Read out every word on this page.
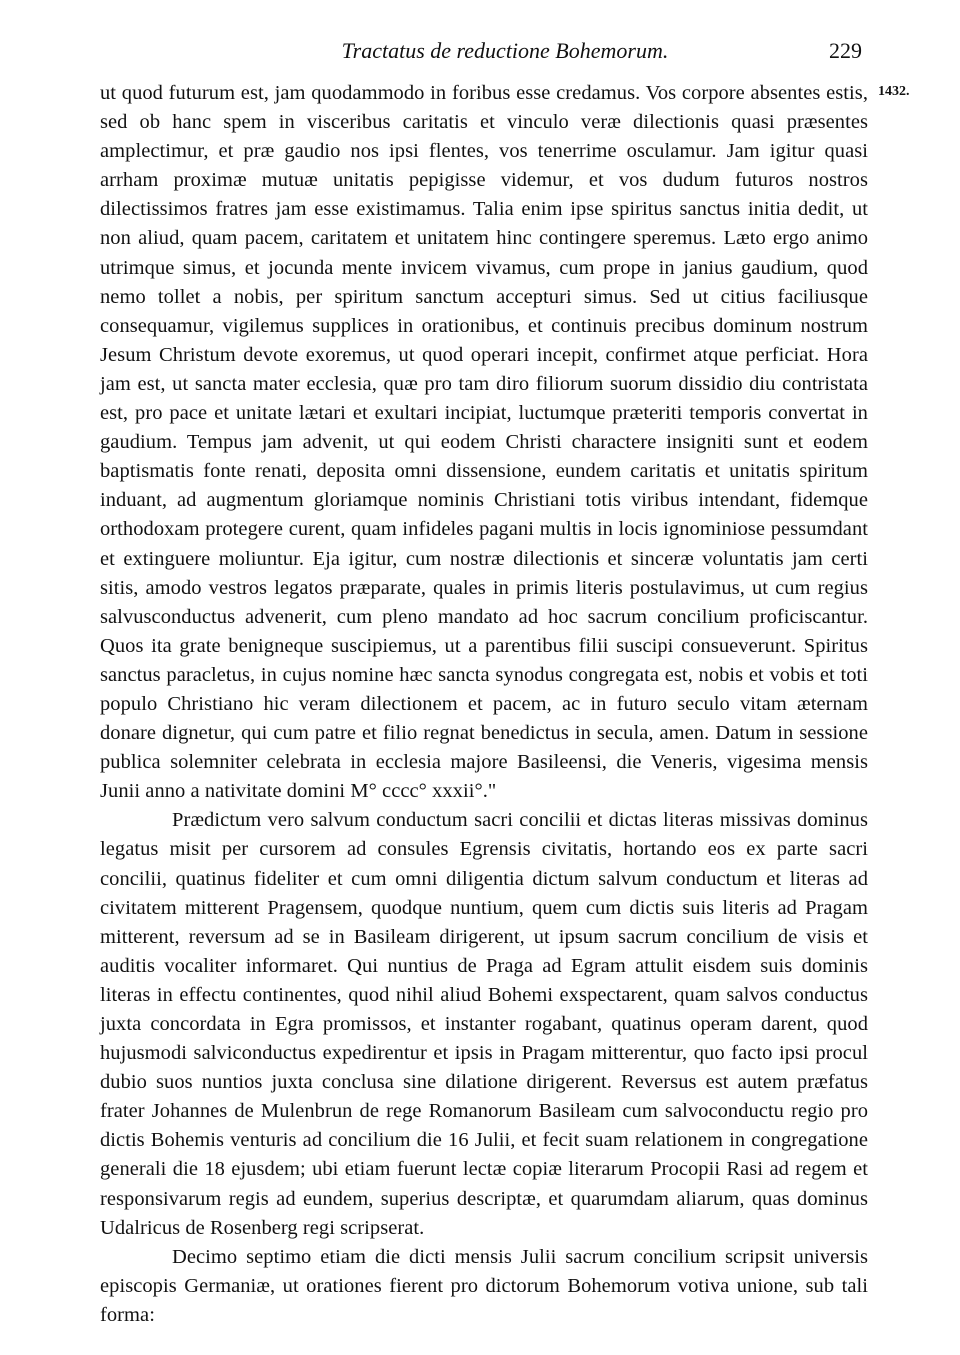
Tractatus de reductione Bohemorum.	229
1432.

ut quod futurum est, jam quodammodo in foribus esse credamus. Vos corpore absentes estis, sed ob hanc spem in visceribus caritatis et vinculo veræ dilectionis quasi præsentes amplectimur, et præ gaudio nos ipsi flentes, vos tenerrime osculamur. Jam igitur quasi arrham proximæ mutuæ unitatis pepigisse videmur, et vos dudum futuros nostros dilectissimos fratres jam esse existimamus. Talia enim ipse spiritus sanctus initia dedit, ut non aliud, quam pacem, caritatem et unitatem hinc contingere speremus. Læto ergo animo utrimque simus, et jocunda mente invicem vivamus, cum prope in janius gaudium, quod nemo tollet a nobis, per spiritum sanctum accepturi simus. Sed ut citius faciliusque consequamur, vigilemus supplices in orationibus, et continuis precibus dominum nostrum Jesum Christum devote exoremus, ut quod operari incepit, confirmet atque perficiat. Hora jam est, ut sancta mater ecclesia, quæ pro tam diro filiorum suorum dissidio diu contristata est, pro pace et unitate lætari et exultari incipiat, luctumque præteriti temporis convertat in gaudium. Tempus jam advenit, ut qui eodem Christi charactere insigniti sunt et eodem baptismatis fonte renati, deposita omni dissensione, eundem caritatis et unitatis spiritum induant, ad augmentum gloriamque nominis Christiani totis viribus intendant, fidemque orthodoxam protegere curent, quam infideles pagani multis in locis ignominiose pessumdant et extinguere moliuntur. Eja igitur, cum nostræ dilectionis et sinceræ voluntatis jam certi sitis, amodo vestros legatos præparate, quales in primis literis postulavimus, ut cum regius salvusconductus advenerit, cum pleno mandato ad hoc sacrum concilium proficiscantur. Quos ita grate benigneque suscipiemus, ut a parentibus filii suscipi consueverunt. Spiritus sanctus paracletus, in cujus nomine hæc sancta synodus congregata est, nobis et vobis et toti populo Christiano hic veram dilectionem et pacem, ac in futuro seculo vitam æternam donare dignetur, qui cum patre et filio regnat benedictus in secula, amen. Datum in sessione publica solemniter celebrata in ecclesia majore Basileensi, die Veneris, vigesima mensis Junii anno a nativitate domini M° cccc° xxxii°."

Prædictum vero salvum conductum sacri concilii et dictas literas missivas dominus legatus misit per cursorem ad consules Egrensis civitatis, hortando eos ex parte sacri concilii, quatinus fideliter et cum omni diligentia dictum salvum conductum et literas ad civitatem mitterent Pragensem, quodque nuntium, quem cum dictis suis literis ad Pragam mitterent, reversum ad se in Basileam dirigerent, ut ipsum sacrum concilium de visis et auditis vocaliter informaret. Qui nuntius de Praga ad Egram attulit eisdem suis dominis literas in effectu continentes, quod nihil aliud Bohemi exspectarent, quam salvos conductus juxta concordata in Egra promissos, et instanter rogabant, quatinus operam darent, quod hujusmodi salviconductus expedirentur et ipsis in Pragam mitterentur, quo facto ipsi procul dubio suos nuntios juxta conclusa sine dilatione dirigerent. Reversus est autem præfatus frater Johannes de Mulenbrun de rege Romanorum Basileam cum salvoconductu regio pro dictis Bohemis venturis ad concilium die 16 Julii, et fecit suam relationem in congregatione generali die 18 ejusdem; ubi etiam fuerunt lectæ copiæ literarum Procopii Rasi ad regem et responsivarum regis ad eundem, superius descriptæ, et quarumdam aliarum, quas dominus Udalricus de Rosenberg regi scripserat.

Decimo septimo etiam die dicti mensis Julii sacrum concilium scripsit universis episcopis Germaniæ, ut orationes fierent pro dictorum Bohemorum votiva unione, sub tali forma:
